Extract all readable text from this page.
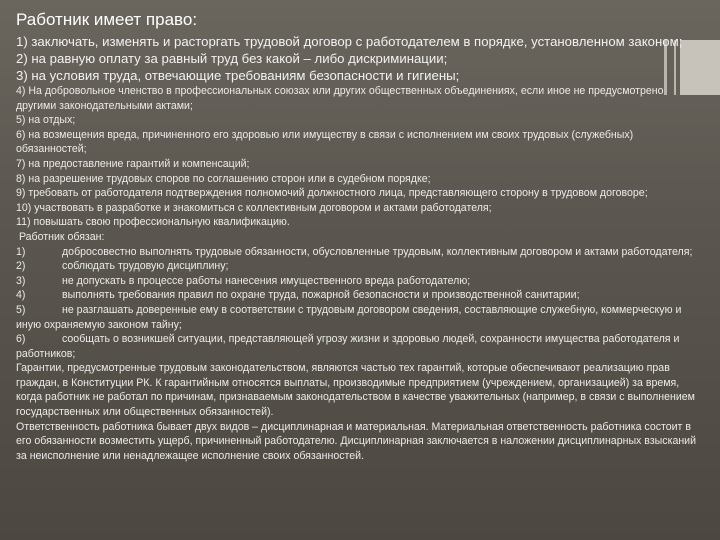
Работник имеет право:

1) заключать, изменять и расторгать трудовой договор с работодателем в порядке, установленном законом;

2) на равную оплату за равный труд без какой – либо дискриминации;

3) на условия труда, отвечающие требованиям безопасности и гигиены;

4) На добровольное членство в профессиональных союзах или других общественных объединениях, если иное не предусмотрено другими законодательными актами;

5) на отдых;

6) на возмещения вреда, причиненного его здоровью или имуществу в связи с исполнением им своих трудовых (служебных) обязанностей;

7) на предоставление гарантий и компенсаций;

8) на разрешение трудовых споров по соглашению сторон или в судебном порядке;

9) требовать от работодателя подтверждения полномочий должностного лица, представляющего сторону в трудовом договоре;

10) участвовать в разработке и знакомиться с коллективным договором и актами работодателя;

11) повышать свою профессиональную квалификацию.

Работник обязан:

1)	добросовестно выполнять трудовые обязанности, обусловленные трудовым, коллективным договором и актами работодателя;

2)	соблюдать трудовую дисциплину;

3)	не допускать в процессе работы нанесения имущественного вреда работодателю;

4)	выполнять требования правил по охране труда, пожарной безопасности и производственной санитарии;

5)	не разглашать доверенные ему в соответствии с трудовым договором сведения, составляющие служебную, коммерческую и иную охраняемую законом тайну;

6)	сообщать о возникшей ситуации, представляющей угрозу жизни и здоровью людей, сохранности имущества работодателя и работников;

Гарантии, предусмотренные трудовым законодательством, являются частью тех гарантий, которые обеспечивают реализацию прав граждан, в Конституции РК. К гарантийным относятся выплаты, производимые предприятием (учреждением, организацией) за время, когда работник не работал по причинам, признаваемым законодательством в качестве уважительных (например, в связи с выполнением государственных или общественных обязанностей).

Ответственность работника бывает двух видов – дисциплинарная и материальная. Материальная ответственность работника состоит в его обязанности возместить ущерб, причиненный работодателю. Дисциплинарная заключается в наложении дисциплинарных взысканий за неисполнение или ненадлежащее исполнение своих обязанностей.
